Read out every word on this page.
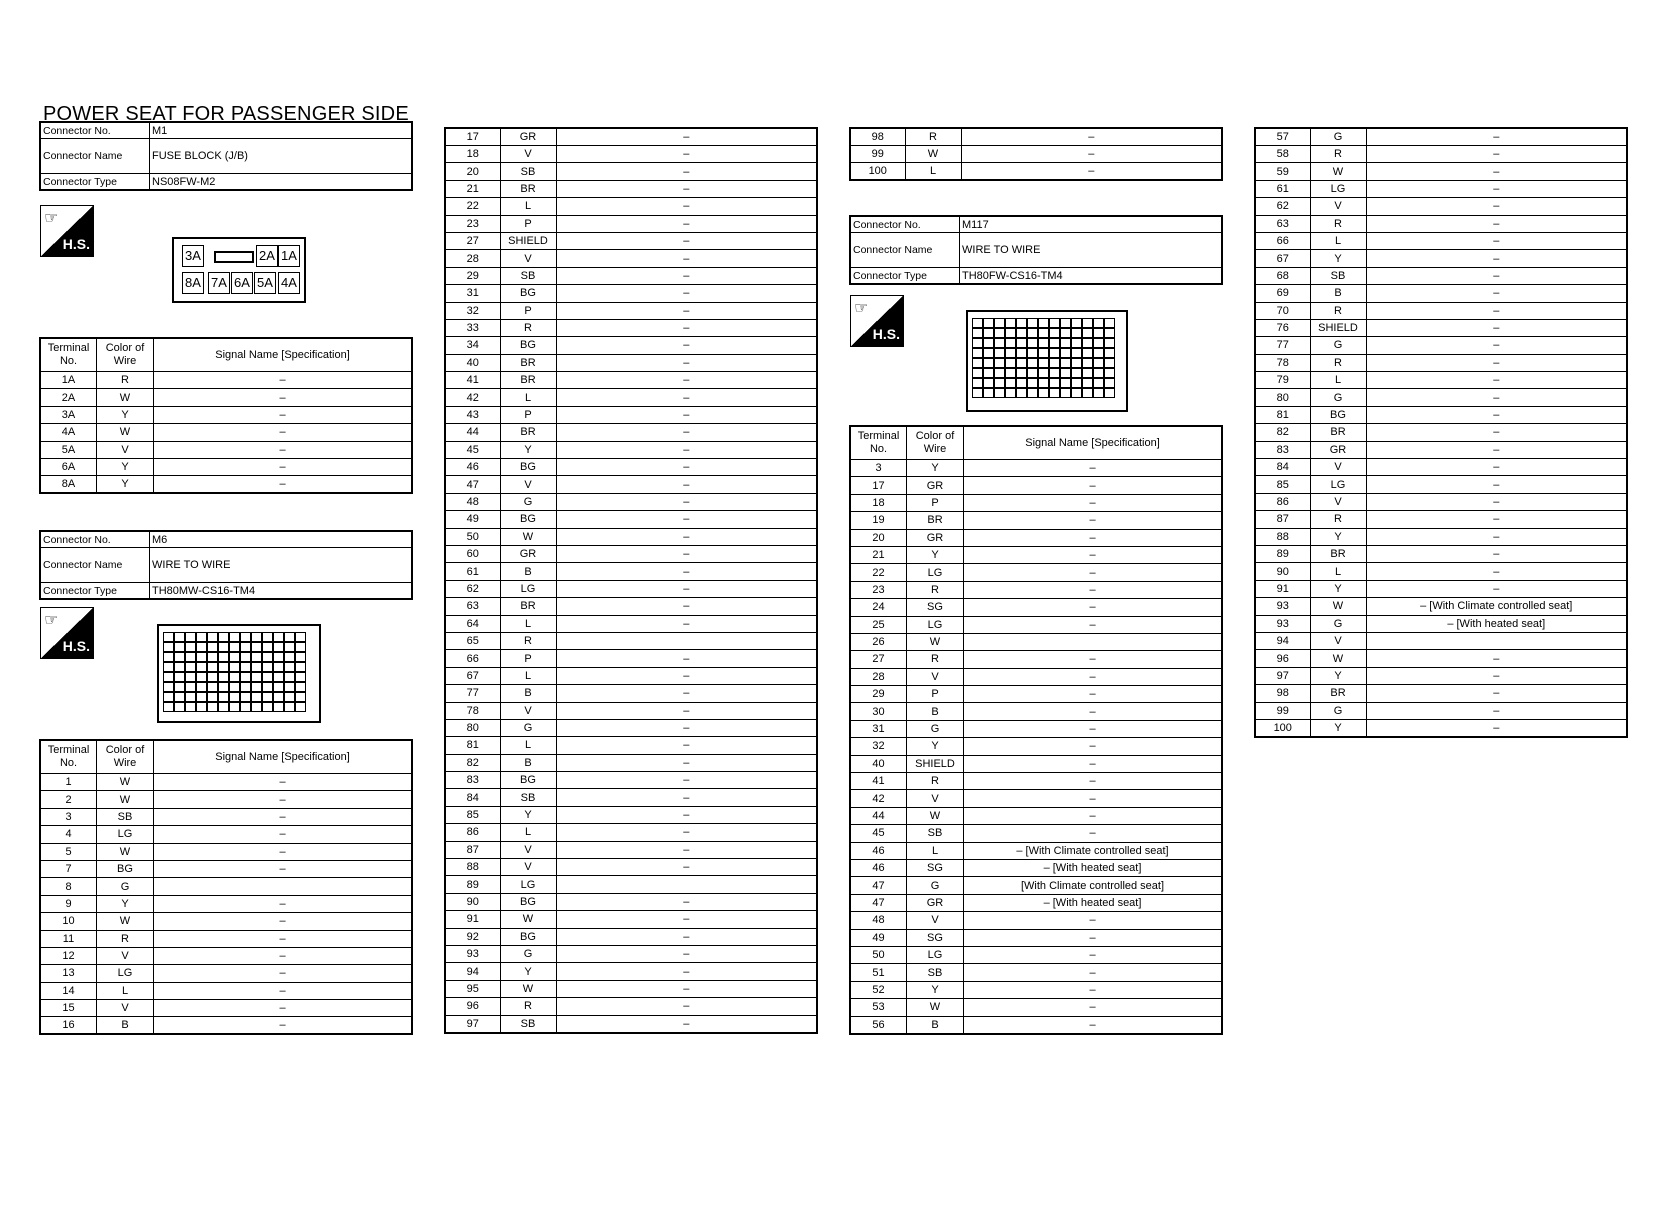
POWER SEAT FOR PASSENGER SIDE
Connector No.	M1
Connector Name	FUSE BLOCK (J/B)
Connector Type	NS08FW-M2
☞
H.S.
3A	2A 1A
8A 7A 6A 5A 4A
Terminal No.	Color of Wire	Signal Name [Specification]
1A	R	–
2A	W	–
3A	Y	–
4A	W	–
5A	V	–
6A	Y	–
8A	Y	–
Connector No.	M6
Connector Name	WIRE TO WIRE
Connector Type	TH80MW-CS16-TM4
☞
H.S.
Terminal No.	Color of Wire	Signal Name [Specification]
1	W	–
2	W	–
3	SB	–
4	LG	–
5	W	–
7	BG	–
8	G	
9	Y	–
10	W	–
11	R	–
12	V	–
13	LG	–
14	L	–
15	V	–
16	B	–
17	GR	–
18	V	–
20	SB	–
21	BR	–
22	L	–
23	P	–
27	SHIELD	–
28	V	–
29	SB	–
31	BG	–
32	P	–
33	R	–
34	BG	–
40	BR	–
41	BR	–
42	L	–
43	P	–
44	BR	–
45	Y	–
46	BG	–
47	V	–
48	G	–
49	BG	–
50	W	–
60	GR	–
61	B	–
62	LG	–
63	BR	–
64	L	–
65	R	
66	P	–
67	L	–
77	B	–
78	V	–
80	G	–
81	L	–
82	B	–
83	BG	–
84	SB	–
85	Y	–
86	L	–
87	V	–
88	V	–
89	LG	
90	BG	–
91	W	–
92	BG	–
93	G	–
94	Y	–
95	W	–
96	R	–
97	SB	–
98	R	–
99	W	–
100	L	–
Connector No.	M117
Connector Name	WIRE TO WIRE
Connector Type	TH80FW-CS16-TM4
☞
H.S.
Terminal No.	Color of Wire	Signal Name [Specification]
3	Y	–
17	GR	–
18	P	–
19	BR	–
20	GR	–
21	Y	–
22	LG	–
23	R	–
24	SG	–
25	LG	–
26	W	
27	R	–
28	V	–
29	P	–
30	B	–
31	G	–
32	Y	–
40	SHIELD	–
41	R	–
42	V	–
44	W	–
45	SB	–
46	L	– [With Climate controlled seat]
46	SG	– [With heated seat]
47	G	[With Climate controlled seat]
47	GR	– [With heated seat]
48	V	–
49	SG	–
50	LG	–
51	SB	–
52	Y	–
53	W	–
56	B	–
57	G	–
58	R	–
59	W	–
61	LG	–
62	V	–
63	R	–
66	L	–
67	Y	–
68	SB	–
69	B	–
70	R	–
76	SHIELD	–
77	G	–
78	R	–
79	L	–
80	G	–
81	BG	–
82	BR	–
83	GR	–
84	V	–
85	LG	–
86	V	–
87	R	–
88	Y	–
89	BR	–
90	L	–
91	Y	–
93	W	– [With Climate controlled seat]
93	G	– [With heated seat]
94	V	
96	W	–
97	Y	–
98	BR	–
99	G	–
100	Y	–
